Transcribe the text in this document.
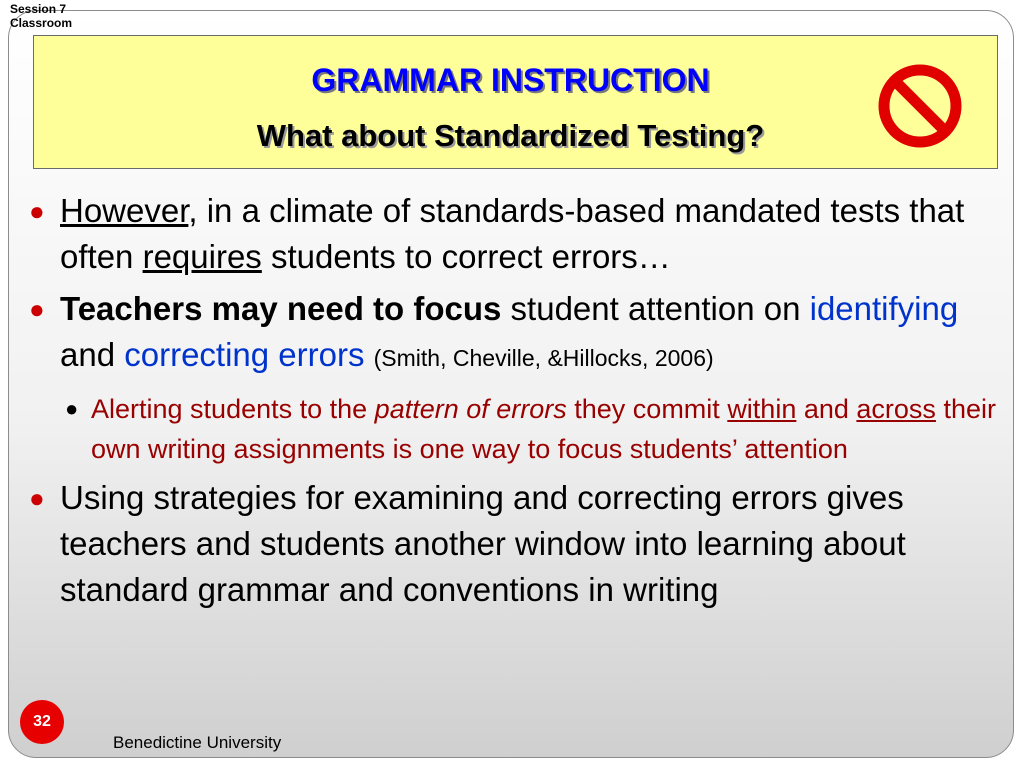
Session 7
Classroom
GRAMMAR INSTRUCTION
What about Standardized Testing?
● However, in a climate of standards-based mandated tests that often requires students to correct errors…
● Teachers may need to focus student attention on identifying and correcting errors (Smith, Cheville, &Hillocks, 2006)
● Alerting students to the pattern of errors they commit within and across their own writing assignments is one way to focus students’ attention
● Using strategies for examining and correcting errors gives teachers and students another window into learning about standard grammar and conventions in writing
32
Benedictine University
